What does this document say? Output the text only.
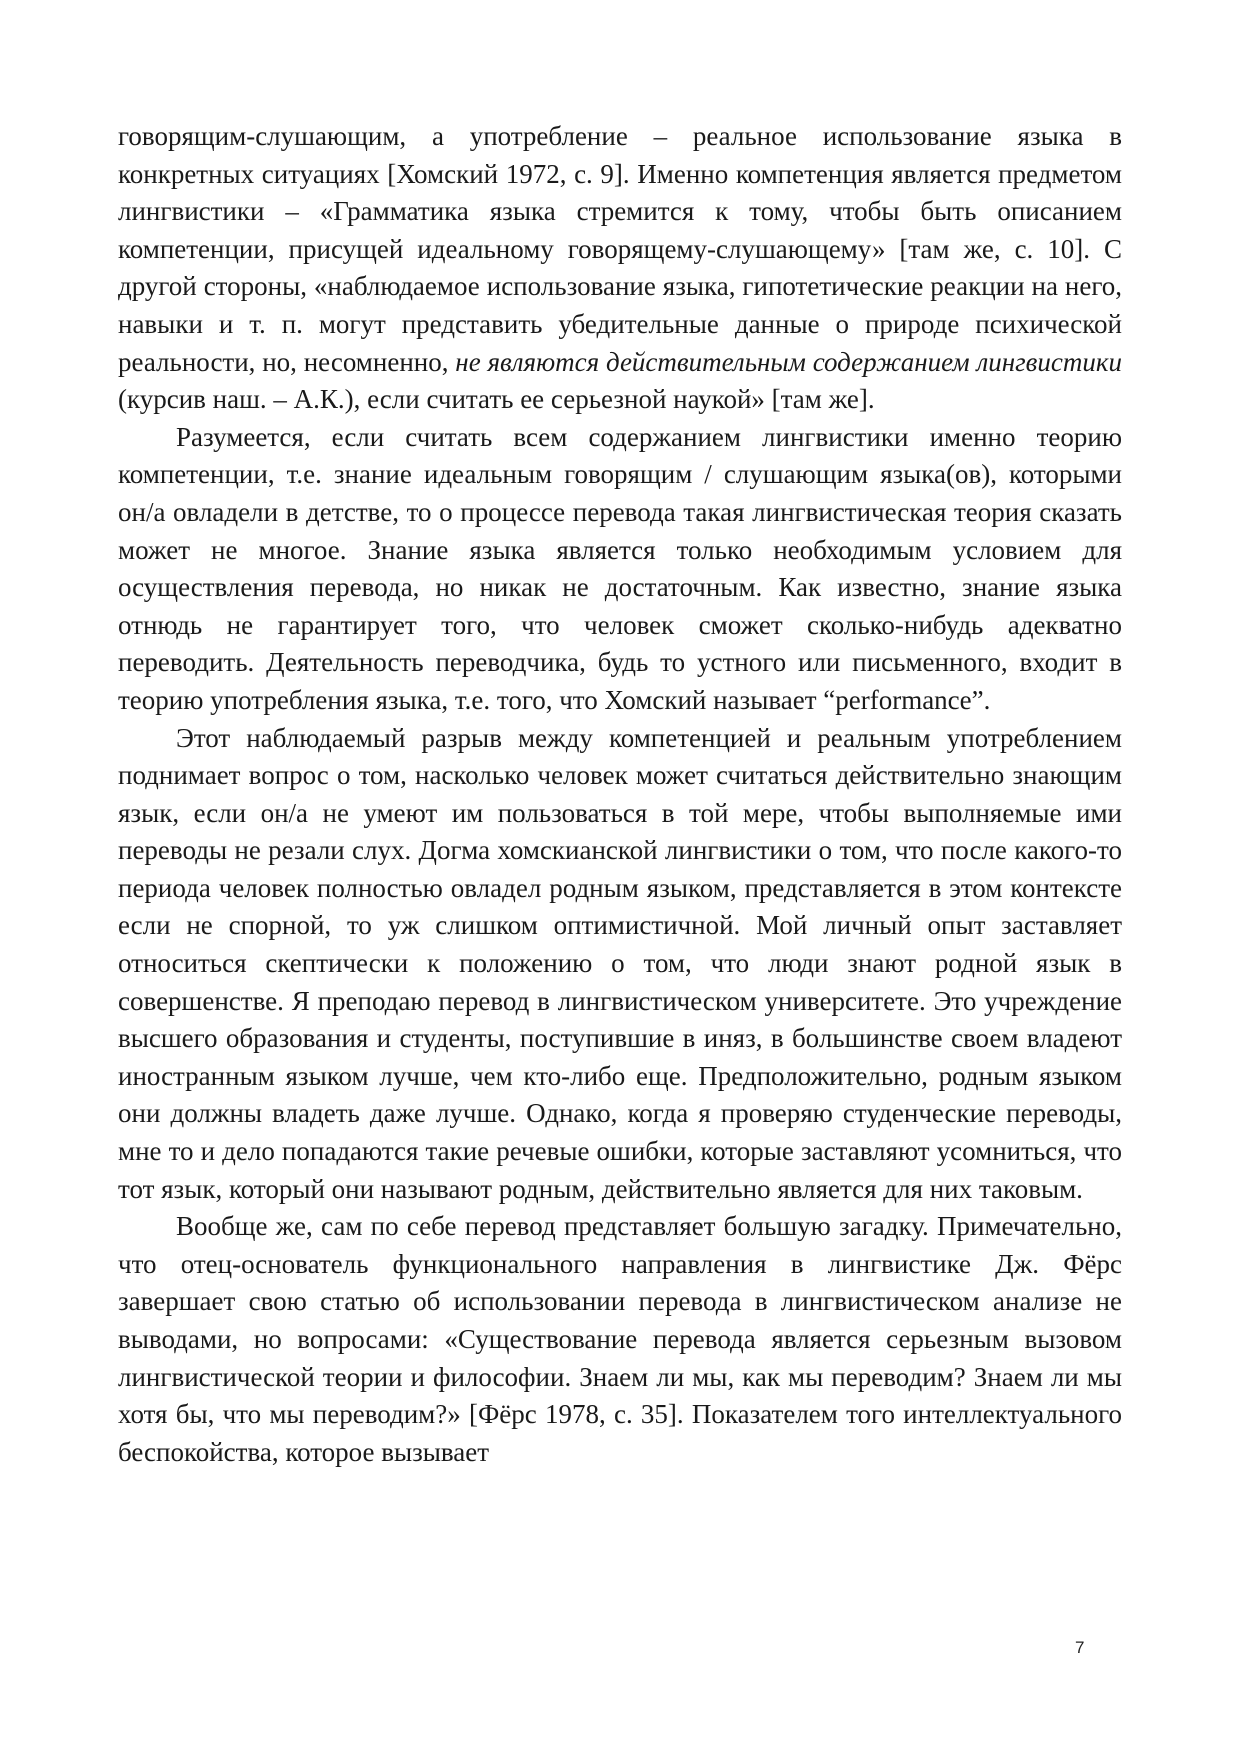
говорящим-слушающим, а употребление – реальное использование языка в конкретных ситуациях [Хомский 1972, с. 9]. Именно компетенция является предметом лингвистики – «Грамматика языка стремится к тому, чтобы быть описанием компетенции, присущей идеальному говорящему-слушающему» [там же, с. 10]. С другой стороны, «наблюдаемое использование языка, гипотетические реакции на него, навыки и т. п. могут представить убедительные данные о природе психической реальности, но, несомненно, не являются действительным содержанием лингвистики (курсив наш. – А.К.), если считать ее серьезной наукой» [там же].

Разумеется, если считать всем содержанием лингвистики именно теорию компетенции, т.е. знание идеальным говорящим / слушающим языка(ов), которыми он/а овладели в детстве, то о процессе перевода такая лингвистическая теория сказать может не многое. Знание языка является только необходимым условием для осуществления перевода, но никак не достаточным. Как известно, знание языка отнюдь не гарантирует того, что человек сможет сколько-нибудь адекватно переводить. Деятельность переводчика, будь то устного или письменного, входит в теорию употребления языка, т.е. того, что Хомский называет “performance”.

Этот наблюдаемый разрыв между компетенцией и реальным употреблением поднимает вопрос о том, насколько человек может считаться действительно знающим язык, если он/а не умеют им пользоваться в той мере, чтобы выполняемые ими переводы не резали слух. Догма хомскианской лингвистики о том, что после какого-то периода человек полностью овладел родным языком, представляется в этом контексте если не спорной, то уж слишком оптимистичной. Мой личный опыт заставляет относиться скептически к положению о том, что люди знают родной язык в совершенстве. Я преподаю перевод в лингвистическом университете. Это учреждение высшего образования и студенты, поступившие в иняз, в большинстве своем владеют иностранным языком лучше, чем кто-либо еще. Предположительно, родным языком они должны владеть даже лучше. Однако, когда я проверяю студенческие переводы, мне то и дело попадаются такие речевые ошибки, которые заставляют усомниться, что тот язык, который они называют родным, действительно является для них таковым.

Вообще же, сам по себе перевод представляет большую загадку. Примечательно, что отец-основатель функционального направления в лингвистике Дж. Фёрс завершает свою статью об использовании перевода в лингвистическом анализе не выводами, но вопросами: «Существование перевода является серьезным вызовом лингвистической теории и философии. Знаем ли мы, как мы переводим? Знаем ли мы хотя бы, что мы переводим?» [Фёрс 1978, с. 35]. Показателем того интеллектуального беспокойства, которое вызывает

7
